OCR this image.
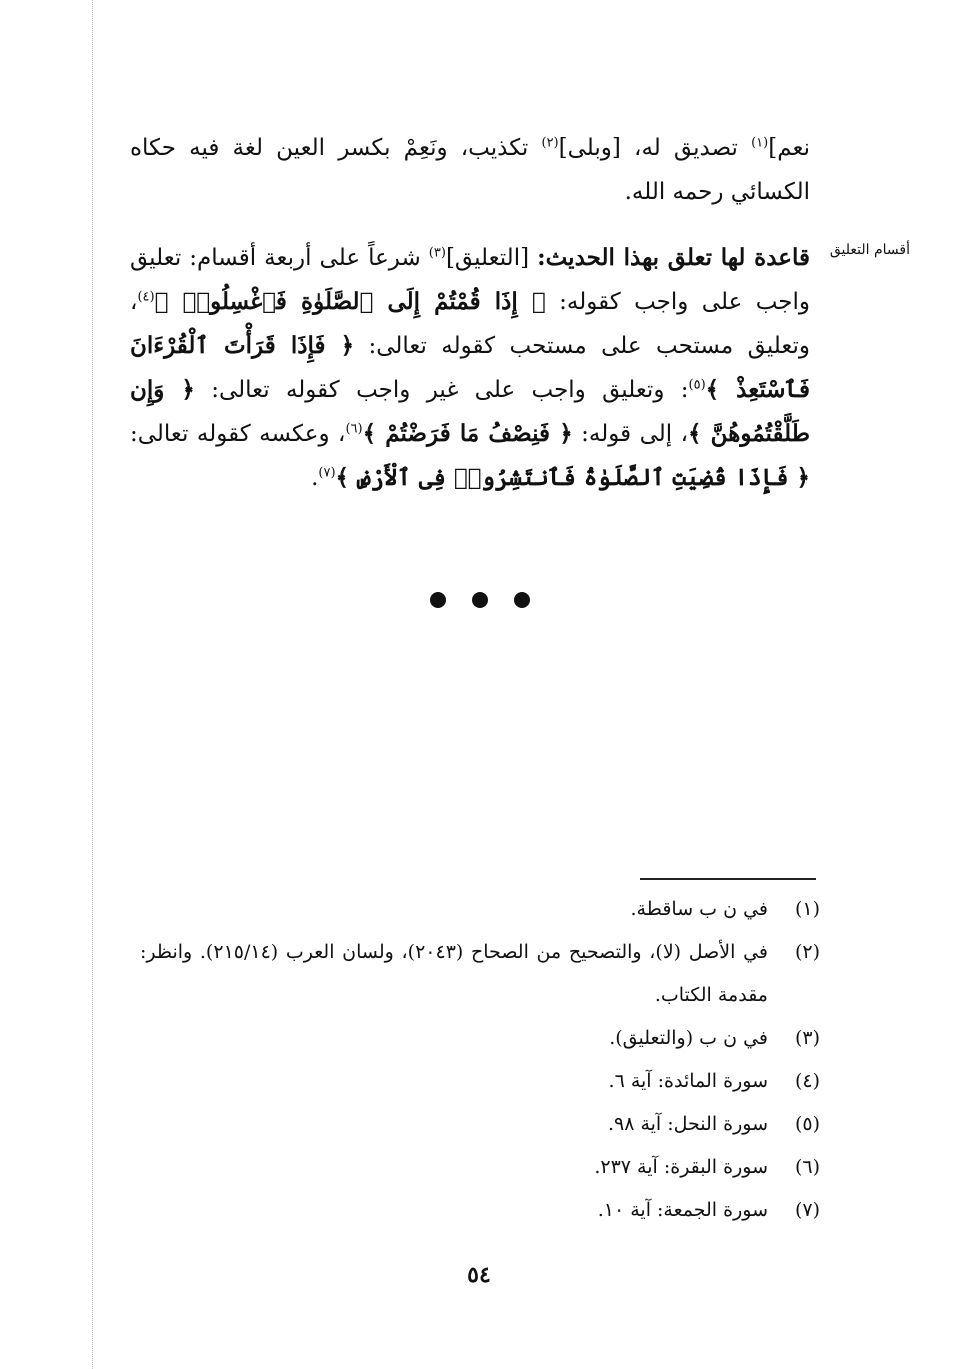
نعم]$^{(١)}$ تصديق له، [وبلى]$^{(٢)}$ تكذيب، ونَعِمْ بكسر العين لغة فيه حكاه الكسائي رحمه الله.
أقسام التعليق
قاعدة لها تعلق بهذا الحديث: [التعليق]$^{(٣)}$ شرعاً على أربعة أقسام: تعليق واجب على واجب كقوله: ﴿ إِذَا قُمْتُمْ إِلَى ٱلصَّلَوٰةِ فَٱغْسِلُوا۟ ﴾$^{(٤)}$، وتعليق مستحب على مستحب كقوله تعالى: ﴿ فَإِذَا قَرَأْتَ ٱلْقُرْءَانَ فَٱسْتَعِذْ ﴾$^{(٥)}$: وتعليق واجب على غير واجب كقوله تعالى: ﴿ وَإِن طَلَّقْتُمُوهُنَّ ﴾، إلى قوله: ﴿ فَنِصْفُ مَا فَرَضْتُمْ ﴾$^{(٦)}$، وعكسه كقوله تعالى: ﴿ فَإِذَا قُضِيَتِ ٱلصَّلَوٰةُ فَٱنتَشِرُوا۟ فِى ٱلْأَرْضِ ﴾$^{(٧)}$.
(١)
في ن ب ساقطة.
(٢)
في الأصل (لا)، والتصحيح من الصحاح (٢٠٤٣)، ولسان العرب (٢١٥/١٤). وانظر: مقدمة الكتاب.
(٣)
في ن ب (والتعليق).
(٤)
سورة المائدة: آية ٦.
(٥)
سورة النحل: آية ٩٨.
(٦)
سورة البقرة: آية ٢٣٧.
(٧)
سورة الجمعة: آية ١٠.
٥٤
